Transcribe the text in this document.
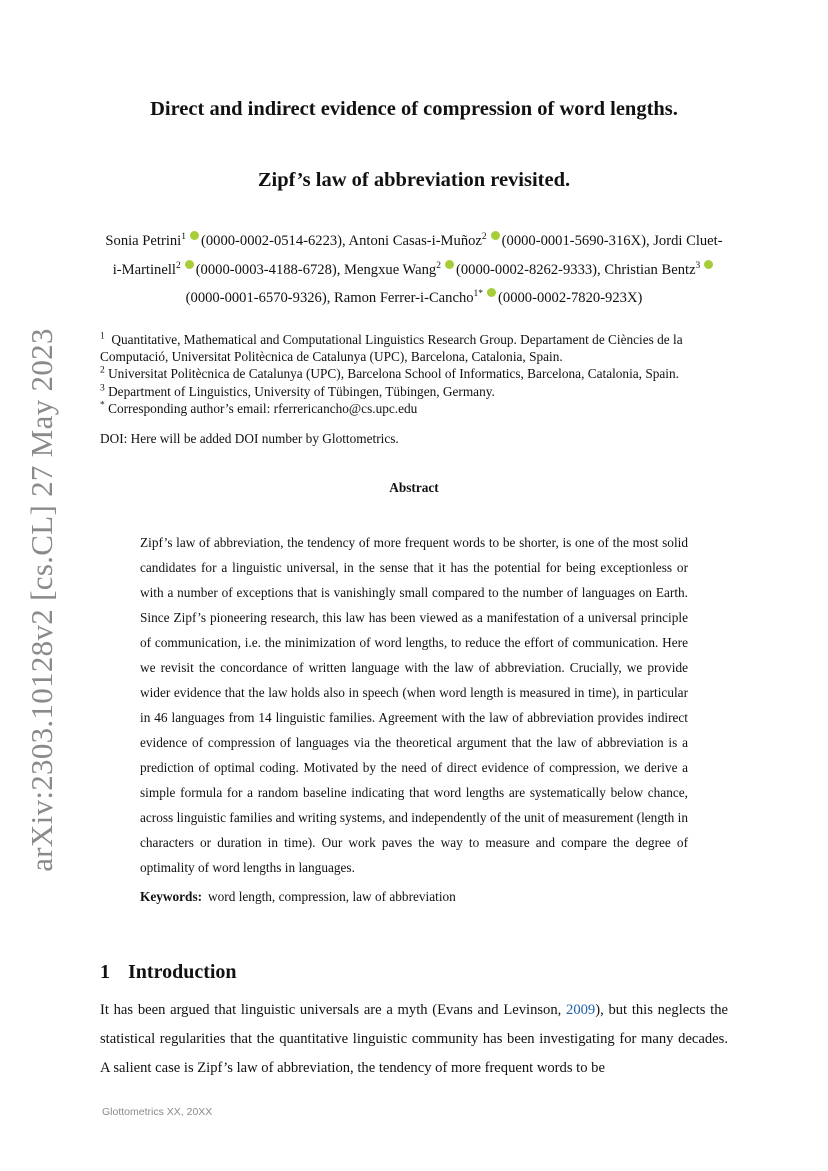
arXiv:2303.10128v2 [cs.CL] 27 May 2023
Direct and indirect evidence of compression of word lengths.
Zipf’s law of abbreviation revisited.
Sonia Petrini$^1$ (0000-0002-0514-6223), Antoni Casas-i-Muñoz$^2$ (0000-0001-5690-316X), Jordi Cluet-i-Martinell$^2$ (0000-0003-4188-6728), Mengxue Wang$^2$ (0000-0002-8262-9333), Christian Bentz$^3$(0000-0001-6570-9326), Ramon Ferrer-i-Cancho$^{1*}$ (0000-0002-7820-923X)
$^1$ Quantitative, Mathematical and Computational Linguistics Research Group. Departament de Ciències de la Computació, Universitat Politècnica de Catalunya (UPC), Barcelona, Catalonia, Spain.
$^2$ Universitat Politècnica de Catalunya (UPC), Barcelona School of Informatics, Barcelona, Catalonia, Spain.
$^3$ Department of Linguistics, University of Tübingen, Tübingen, Germany.
* Corresponding author’s email: rferrericancho@cs.upc.edu
DOI: Here will be added DOI number by Glottometrics.
Abstract
Zipf’s law of abbreviation, the tendency of more frequent words to be shorter, is one of the most solid candidates for a linguistic universal, in the sense that it has the potential for being exceptionless or with a number of exceptions that is vanishingly small compared to the number of languages on Earth. Since Zipf’s pioneering research, this law has been viewed as a manifestation of a universal principle of communication, i.e. the minimization of word lengths, to reduce the effort of communication. Here we revisit the concordance of written language with the law of abbreviation. Crucially, we provide wider evidence that the law holds also in speech (when word length is measured in time), in particular in 46 languages from 14 linguistic families. Agreement with the law of abbreviation provides indirect evidence of compression of languages via the theoretical argument that the law of abbreviation is a prediction of optimal coding. Motivated by the need of direct evidence of compression, we derive a simple formula for a random baseline indicating that word lengths are systematically below chance, across linguistic families and writing systems, and independently of the unit of measurement (length in characters or duration in time). Our work paves the way to measure and compare the degree of optimality of word lengths in languages.
Keywords: word length, compression, law of abbreviation
1 Introduction
It has been argued that linguistic universals are a myth (Evans and Levinson, 2009), but this neglects the statistical regularities that the quantitative linguistic community has been investigating for many decades. A salient case is Zipf’s law of abbreviation, the tendency of more frequent words to be
Glottometrics XX, 20XX
